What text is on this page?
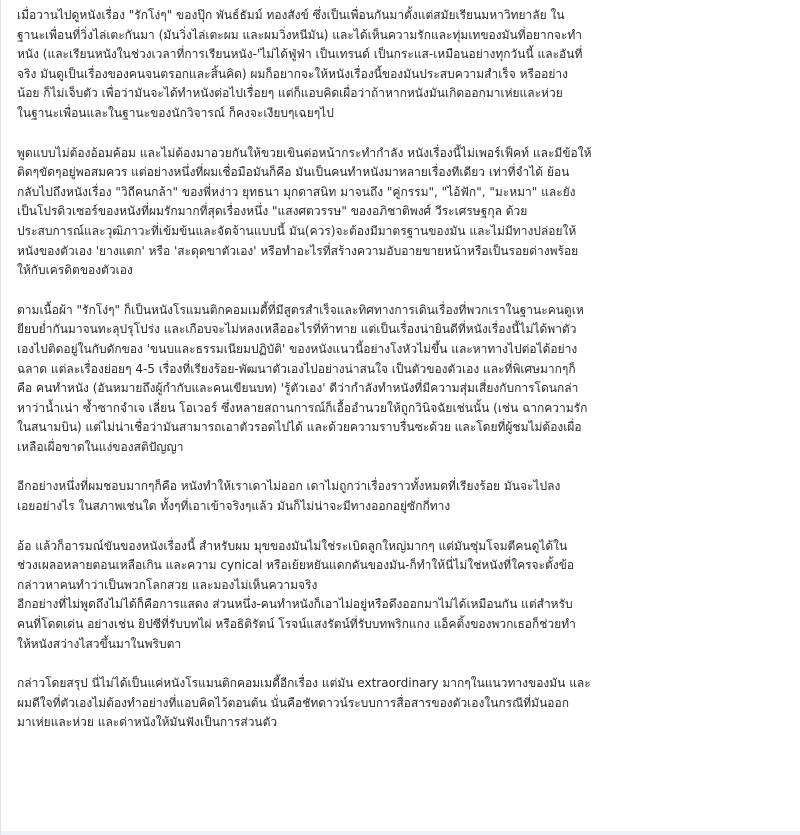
เมื่อวานไปดูหนังเรื่อง "รักโง่ๆ" ของปุ๊ก พันธ์ธัมม์ ทองสังข์ ซึ่งเป็นเพื่อนกันมาตั้งแต่สมัยเรียนมหาวิทยาลัย ใน
ฐานะเพื่อนที่วิ่งไล่เตะกันมา (มันวิ่งไล่เตะผม และผมวิ่งหนีมัน) และได้เห็นความรักและทุ่มเทของมันที่อยากจะทำ
หนัง (และเรียนหนังในช่วงเวลาที่การเรียนหนัง-'ไม่ได้ฟู่ฟ่า เป็นเทรนด์ เป็นกระแส-เหมือนอย่างทุกวันนี้ และอันที่
จริง มันดูเป็นเรื่องของคนจนตรอกและสิ้นคิด) ผมก็อยากจะให้หนังเรื่องนี้ของมันประสบความสำเร็จ หรืออย่าง
น้อย ก็ไม่เจ็บตัว เพื่อว่ามันจะได้ทำหนังต่อไปเรื่อยๆ แต่ก็แอบคิดเผื่อว่าถ้าหากหนังมันเกิดออกมาเห่ยและห่วย
ในฐานะเพื่อนและในฐานะของนักวิจารณ์ ก็คงจะเงียบๆเฉยๆไป

พูดแบบไม่ต้องอ้อมค้อม และไม่ต้องมาอวยกันให้ขวยเขินต่อหน้ากระทำกำลัง หนังเรื่องนี้ไม่เพอร์เฟ็คท์ และมีข้อให้
ติดๆขัดๆอยู่พอสมควร แต่อย่างหนึ่งที่ผมเชื่อมือมันก็คือ มันเป็นคนทำหนังมาหลายเรื่องทีเดียว เท่าที่จำได้ ย้อน
กลับไปถึงหนังเรื่อง "วิถีคนกล้า" ของพี่หง่าว ยุทธนา มุกดาสนิท มาจนถึง "คู่กรรม", "ไอ้ฟัก", "มะหมา" และยัง
เป็นโปรดิวเซอร์ของหนังที่ผมรักมากที่สุดเรื่องหนึ่ง "แสงศตวรรษ" ของอภิชาติพงศ์ วีระเศรษฐกุล ด้วย
ประสบการณ์และวุฒิภาวะที่เข้มข้นและจัดจ้านแบบนี้ มัน(ควร)จะต้องมีมาตรฐานของมัน และไม่มีทางปล่อยให้
หนังของตัวเอง 'ยางแตก' หรือ 'สะดุดขาตัวเอง' หรือทำอะไรที่สร้างความอับอายขายหน้าหรือเป็นรอยด่างพร้อย
ให้กับเครดิตของตัวเอง

ตามเนื้อผ้า "รักโง่ๆ" ก็เป็นหนังโรแมนติกคอมเมดี้ที่มีสูตรสำเร็จและทิศทางการเดินเรื่องที่พวกเราในฐานะคนดูเห
ยียบย่ำกันมาจนทะลุปรุโปร่ง และเกือบจะไม่หลงเหลืออะไรที่ท้าทาย แต่เป็นเรื่องน่ายินดีที่หนังเรื่องนี้ไม่ได้พาตัว
เองไปติดอยู่ในกับดักของ 'ขนบและธรรมเนียมปฏิบัติ' ของหนังแนวนี้อย่างโงหัวไม่ขึ้น และหาทางไปต่อได้อย่าง
ฉลาด แต่ละเรื่องย่อยๆ 4-5 เรื่องที่เรียงร้อย-พัฒนาตัวเองไปอย่างน่าสนใจ เป็นตัวของตัวเอง และที่พิเศษมากๆก็
คือ คนทำหนัง (อันหมายถึงผู้กำกับและคนเขียนบท) 'รู้ตัวเอง' ดีว่ากำลังทำหนังที่มีความสุ่มเสี่ยงกับการโดนกล่า
หาว่าน้ำเน่า ซ้ำซากจำเจ เลี่ยน โอเวอร์ ซึ่งหลายสถานการณ์ก็เอื้ออำนวยให้ถูกวินิจฉัยเช่นนั้น (เช่น ฉากความรัก
ในสนามบิน) แต่ไม่น่าเชื่อว่ามันสามารถเอาตัวรอดไปได้ และด้วยความราบรื่นซะด้วย และโดยที่ผู้ชมไม่ต้องเผื่อ
เหลือเผื่อขาดในแง่ของสติปัญญา

อีกอย่างหนึ่งที่ผมชอบมากๆก็คือ หนังทำให้เราเดาไม่ออก เดาไม่ถูกว่าเรื่องราวทั้งหมดที่เรียงร้อย มันจะไปลง
เอยอย่างไร ในสภาพเช่นใด ทั้งๆที่เอาเข้าจริงๆแล้ว มันก็ไม่น่าจะมีทางออกอยู่ซักกี่ทาง

อ้อ แล้วก็อารมณ์ขันของหนังเรื่องนี้ สำหรับผม มุขของมันไม่ใช่ระเบิดลูกใหญ่มากๆ แต่มันซุ่มโจมตีคนดูได้ใน
ช่วงเผลอหลายตอนเหลือเกิน และความ cynical หรือเย้ยหยันแดกดันของมัน-ก็ทำให้นี่ไม่ใช่หนังที่ใครจะตั้งข้อ
กล่าวหาคนทำว่าเป็นพวกโลกสวย และมองไม่เห็นความจริง
อีกอย่างที่ไม่พูดถึงไม่ได้ก็คือการแสดง ส่วนหนึ่ง-คนทำหนังก็เอาไม่อยู่หรือดึงออกมาไม่ได้เหมือนกัน แต่สำหรับ
คนที่โดดเด่น อย่างเช่น ยิปซีที่รับบทไผ่ หรือธิติรัตน์ โรจน์แสงรัตน์ที่รับบทพริกแกง แอ็คติ้งของพวกเธอก็ช่วยทำ
ให้หนังสว่างไสวขึ้นมาในพริบตา

กล่าวโดยสรุป นี่ไม่ได้เป็นแค่หนังโรแมนติกคอมเมดี้อีกเรื่อง แต่มัน extraordinary มากๆในแนวทางของมัน และ
ผมดีใจที่ตัวเองไม่ต้องทำอย่างที่แอบคิดไว้ตอนต้น นั่นคือชัทดาวน์ระบบการสื่อสารของตัวเองในกรณีที่มันออก
มาเห่ยและห่วย และด่าหนังให้มันฟังเป็นการส่วนตัว
